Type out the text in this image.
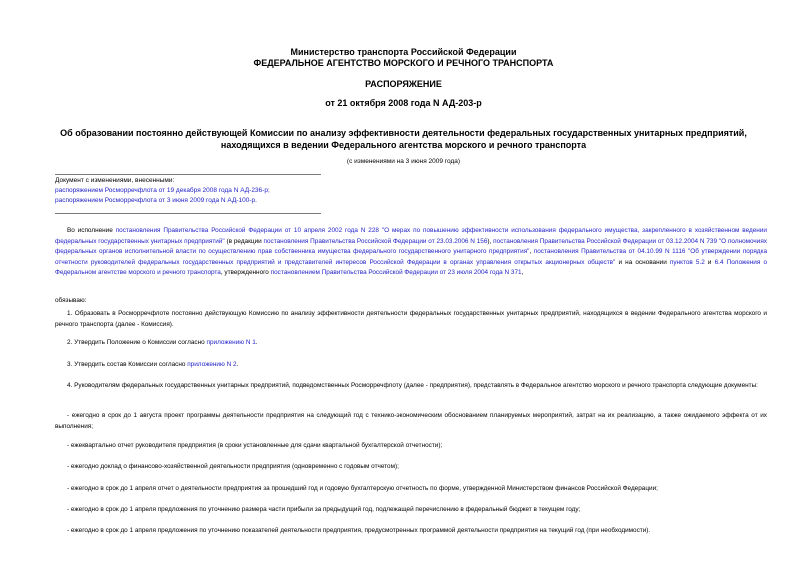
Министерство транспорта Российской Федерации
ФЕДЕРАЛЬНОЕ АГЕНТСТВО МОРСКОГО И РЕЧНОГО ТРАНСПОРТА
РАСПОРЯЖЕНИЕ
от 21 октября 2008 года N АД-203-р
Об образовании постоянно действующей Комиссии по анализу эффективности деятельности федеральных государственных унитарных предприятий,
находящихся в ведении Федерального агентства морского и речного транспорта
(с изменениями на 3 июня 2009 года)
Документ с изменениями, внесенными:
распоряжением Росморречфлота от 19 декабря 2008 года N АД-236-р;
распоряжением Росморречфлота от 3 июня 2009 года N АД-100-р.
Во исполнение постановления Правительства Российской Федерации от 10 апреля 2002 года N 228 "О мерах по повышению эффективности использования федерального имущества, закрепленного в хозяйственном ведении федеральных государственных унитарных предприятий" (в редакции постановления Правительства Российской Федерации от 23.03.2006 N 156), постановления Правительства Российской Федерации от 03.12.2004 N 739 "О полномочиях федеральных органов исполнительной власти по осуществлению прав собственника имущества федерального государственного унитарного предприятия", постановления Правительства от 04.10.99 N 1116 "Об утверждении порядка отчетности руководителей федеральных государственных предприятий и представителей интересов Российской Федерации в органах управления открытых акционерных обществ" и на основании пунктов 5.2 и 6.4 Положения о Федеральном агентстве морского и речного транспорта, утвержденного постановлением Правительства Российской Федерации от 23 июля 2004 года N 371,
обязываю:
1. Образовать в Росморречфлоте постоянно действующую Комиссию по анализу эффективности деятельности федеральных государственных унитарных предприятий, находящихся в ведении Федерального агентства морского и речного транспорта (далее - Комиссия).
2. Утвердить Положение о Комиссии согласно приложению N 1.
3. Утвердить состав Комиссии согласно приложению N 2.
4. Руководителям федеральных государственных унитарных предприятий, подведомственных Росморречфлоту (далее - предприятия), представлять в Федеральное агентство морского и речного транспорта следующие документы:
- ежегодно в срок до 1 августа проект программы деятельности предприятия на следующий год с технико-экономическим обоснованием планируемых мероприятий, затрат на их реализацию, а также ожидаемого эффекта от их выполнения;
- ежеквартально отчет руководителя предприятия (в сроки установленные для сдачи квартальной бухгалтерской отчетности);
- ежегодно доклад о финансово-хозяйственной деятельности предприятия (одновременно с годовым отчетом);
- ежегодно в срок до 1 апреля отчет о деятельности предприятия за прошедший год и годовую бухгалтерскую отчетность по форме, утвержденной Министерством финансов Российской Федерации;
- ежегодно в срок до 1 апреля предложения по уточнению размера части прибыли за предыдущий год, подлежащей перечислению в федеральный бюджет в текущем году;
- ежегодно в срок до 1 апреля предложения по уточнению показателей деятельности предприятия, предусмотренных программой деятельности предприятия на текущий год (при необходимости).
